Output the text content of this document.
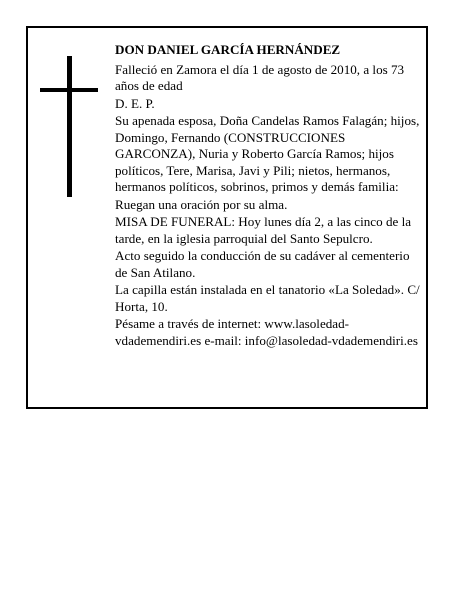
DON DANIEL GARCÍA HERNÁNDEZ

Falleció en Zamora el día 1 de agosto de 2010, a los 73 años de edad

D. E. P.

Su apenada esposa, Doña Candelas Ramos Falagán; hijos, Domingo, Fernando (CONSTRUCCIONES GARCONZA), Nuria y Roberto García Ramos; hijos políticos, Tere, Marisa, Javi y Pili; nietos, hermanos, hermanos políticos, sobrinos, primos y demás familia:

Ruegan una oración por su alma.

MISA DE FUNERAL: Hoy lunes día 2, a las cinco de la tarde, en la iglesia parroquial del Santo Sepulcro.

Acto seguido la conducción de su cadáver al cementerio de San Atilano.

La capilla están instalada en el tanatorio «La Soledad». C/ Horta, 10.

Pésame a través de internet: www.lasoledad-vdademendiri.es e-mail: info@lasoledad-vdademendiri.es
